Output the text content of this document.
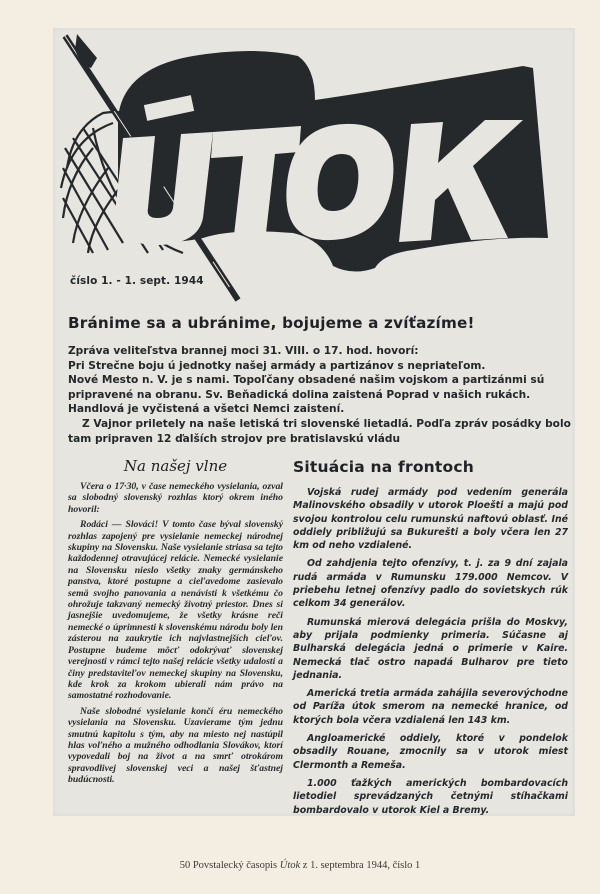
číslo 1. - 1. sept. 1944
Bránime sa a ubránime, bojujeme a zvíťazíme!

Zpráva veliteľstva brannej moci 31. VIII. o 17. hod. hovorí:

Pri Strečne boju ú jednotky našej armády a partizánov s nepriateľom.

Nové Mesto n. V. je s nami. Topoľčany obsadené našim vojskom a partizánmi sú pripravené na obranu. Sv. Beňadická dolina zaistená Poprad v našich rukách. Handlová je vyčistená a všetci Nemci zaistení.

Z Vajnor priletely na naše letiská tri slovenské lietadlá. Podľa zpráv posádky bolo tam pripraven 12 ďalších strojov pre bratislavskú vládu

Na našej vlne

Včera o 17·30, v čase nemeckého vysielania, ozval sa slobodný slovenský rozhlas ktorý okrem iného hovoril:

Rodáci — Slováci! V tomto čase býval slovenský rozhlas zapojený pre vysielanie nemeckej národnej skupiny na Slovensku. Naše vysielanie striasa sa tejto každodennej otravujúcej relácie. Nemecké vysielanie na Slovensku nieslo všetky znaky germánskeho panstva, ktoré postupne a cieľavedome zasievalo semä svojho panovania a nenávisti k všetkému čo ohrožuje takzvaný nemecký životný priestor. Dnes si jasnejšie uvedomujeme, že všetky krásne reči nemecké o úprimnesti k slovenskému národu boly len zásterou na zaukrytie ich najvlastnejších cieľov. Postupne budeme môcť odokrývať slovenskej verejnosti v rámci tejto našej relácie všetky udalosti a činy predstaviteľov nemeckej skupiny na Slovensku, kde krok za krokom ubierali nám právo na samostatné rozhodovanie.

Naše slobodné vysielanie končí éru nemeckého vysielania na Slovensku. Uzavierame tým jednu smutnú kapitolu s tým, aby na miesto nej nastúpil hlas voľného a mužného odhodlania Slovákov, ktorí vypovedali boj na život a na smrť otrokárom spravodlivej slovenskej veci a našej šťastnej budúcnosti.

Situácia na frontoch

Vojská rudej armády pod vedením generála Malinovského obsadily v utorok Ploešti a majú pod svojou kontrolou celu rumunskú naftovú oblasť. Iné oddiely približujú sa Bukurešti a boly včera len 27 km od neho vzdialené.

Od zahdjenia tejto ofenzívy, t. j. za 9 dní zajala rudá armáda v Rumunsku 179.000 Nemcov. V priebehu letnej ofenzívy padlo do sovietskych rúk celkom 34 generálov.

Rumunská mierová delegácia prišla do Moskvy, aby prijala podmienky primeria. Súčasne aj Bulharská delegácia jedná o primerie v Kaire. Nemecká tlač ostro napadá Bulharov pre tieto jednania.

Americká tretia armáda zahájila severovýchodne od Paríža útok smerom na nemecké hranice, od ktorých bola včera vzdialená len 143 km.

Angloamerické oddiely, ktoré v pondelok obsadily Rouane, zmocnily sa v utorok miest Clermonth a Remeša.

1.000 ťažkých amerických bombardovacích lietodiel sprevádzaných četnými stíhačkami bombardovalo v utorok Kiel a Bremy.

50 Povstalecký časopis Útok z 1. septembra 1944, číslo 1
